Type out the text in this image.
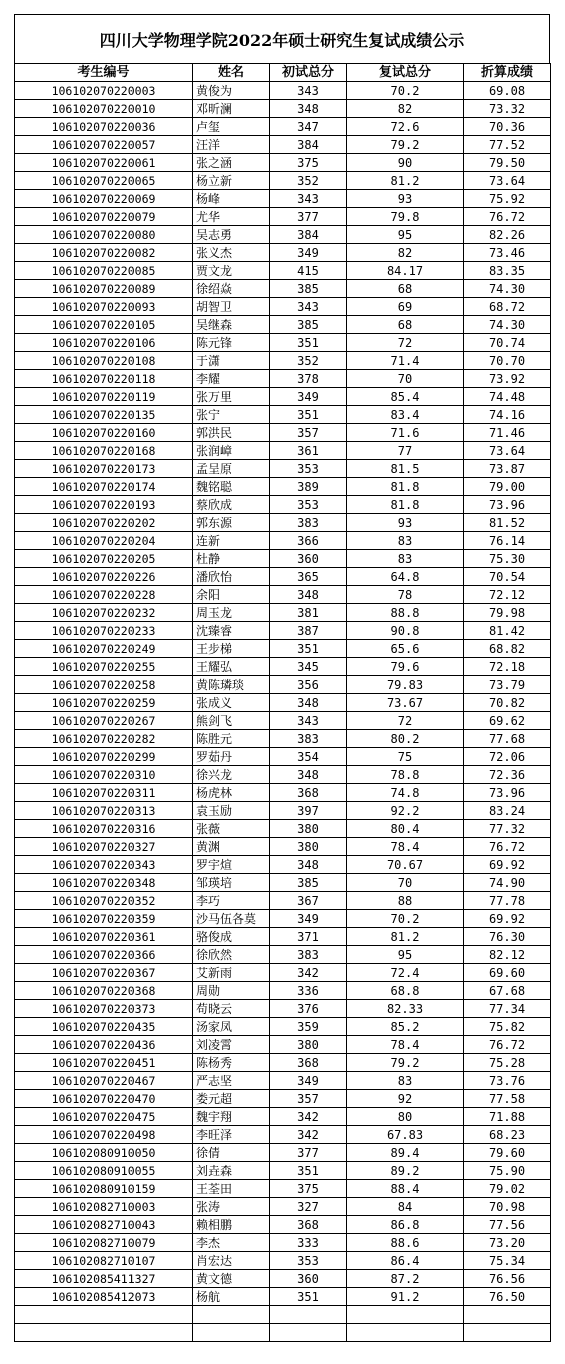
四川大学物理学院2022年硕士研究生复试成绩公示
考生编号	姓名	初试总分	复试总分	折算成绩
106102070220003	黄俊为	343	70.2	69.08
106102070220010	邓昕澜	348	82	73.32
106102070220036	卢玺	347	72.6	70.36
106102070220057	汪洋	384	79.2	77.52
106102070220061	张之涵	375	90	79.50
106102070220065	杨立新	352	81.2	73.64
106102070220069	杨峰	343	93	75.92
106102070220079	尤华	377	79.8	76.72
106102070220080	吴志勇	384	95	82.26
106102070220082	张义杰	349	82	73.46
106102070220085	贾文龙	415	84.17	83.35
106102070220089	徐绍焱	385	68	74.30
106102070220093	胡智卫	343	69	68.72
106102070220105	吴继森	385	68	74.30
106102070220106	陈元锋	351	72	70.74
106102070220108	于潇	352	71.4	70.70
106102070220118	李耀	378	70	73.92
106102070220119	张万里	349	85.4	74.48
106102070220135	张宁	351	83.4	74.16
106102070220160	郭洪民	357	71.6	71.46
106102070220168	张润嶂	361	77	73.64
106102070220173	孟呈原	353	81.5	73.87
106102070220174	魏铭聪	389	81.8	79.00
106102070220193	蔡欣成	353	81.8	73.96
106102070220202	郭东源	383	93	81.52
106102070220204	连新	366	83	76.14
106102070220205	杜静	360	83	75.30
106102070220226	潘欣怡	365	64.8	70.54
106102070220228	余阳	348	78	72.12
106102070220232	周玉龙	381	88.8	79.98
106102070220233	沈臻睿	387	90.8	81.42
106102070220249	王步梯	351	65.6	68.82
106102070220255	王耀弘	345	79.6	72.18
106102070220258	黄陈璘琰	356	79.83	73.79
106102070220259	张成义	348	73.67	70.82
106102070220267	熊剑飞	343	72	69.62
106102070220282	陈胜元	383	80.2	77.68
106102070220299	罗茹丹	354	75	72.06
106102070220310	徐兴龙	348	78.8	72.36
106102070220311	杨虎林	368	74.8	73.96
106102070220313	袁玉励	397	92.2	83.24
106102070220316	张薇	380	80.4	77.32
106102070220327	黄渊	380	78.4	76.72
106102070220343	罗宇煊	348	70.67	69.92
106102070220348	邹瑛培	385	70	74.90
106102070220352	李巧	367	88	77.78
106102070220359	沙马伍各莫	349	70.2	69.92
106102070220361	骆俊成	371	81.2	76.30
106102070220366	徐欣然	383	95	82.12
106102070220367	艾新雨	342	72.4	69.60
106102070220368	周勋	336	68.8	67.68
106102070220373	苟晓云	376	82.33	77.34
106102070220435	汤家凤	359	85.2	75.82
106102070220436	刘凌霄	380	78.4	76.72
106102070220451	陈杨秀	368	79.2	75.28
106102070220467	严志坚	349	83	73.76
106102070220470	娄元超	357	92	77.58
106102070220475	魏宇翔	342	80	71.88
106102070220498	李旺泽	342	67.83	68.23
106102080910050	徐倩	377	89.4	79.60
106102080910055	刘垚森	351	89.2	75.90
106102080910159	王荃田	375	88.4	79.02
106102082710003	张涛	327	84	70.98
106102082710043	赖相鹏	368	86.8	77.56
106102082710079	李杰	333	88.6	73.20
106102082710107	肖宏达	353	86.4	75.34
106102085411327	黄文德	360	87.2	76.56
106102085412073	杨航	351	91.2	76.50
